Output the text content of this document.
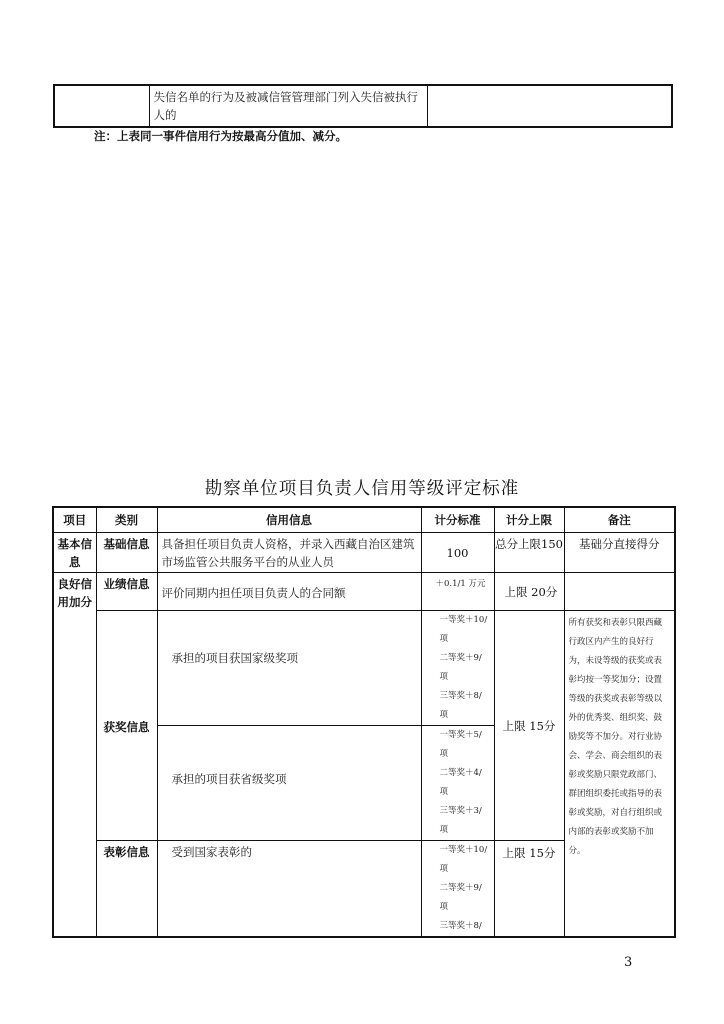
失信名单的行为及被减信管管理部门列入失信被执行人的

注：上表同一事件信用行为按最高分值加、减分。
勘察单位项目负责人信用等级评定标准
项目	类别	信用信息	计分标准	计分上限	备注
基本信息	基础信息	具备担任项目负责人资格，并录入西藏自治区建筑市场监管公共服务平台的从业人员	100	总分上限150	基础分直接得分
良好信用加分	业绩信息	评价同期内担任项目负责人的合同额	＋0.1/1 万元	上限 20分	
	获奖信息	承担的项目获国家级奖项	一等奖＋10/项
二等奖＋9/项
三等奖＋8/项	上限 15分	所有获奖和表彰只限西藏行政区内产生的良好行为，未设等级的获奖或表彰均按一等奖加分；设置等级的获奖或表彰等级以外的优秀奖、组织奖、鼓励奖等不加分。对行业协会、学会、商会组织的表彰或奖励只限党政部门、群团组织委托或指导的表彰或奖励，对自行组织或内部的表彰或奖励不加分。

		承担的项目获省级奖项	一等奖＋5/项
二等奖＋4/项
三等奖＋3/项		

	表彰信息	受到国家表彰的	一等奖＋10/项
二等奖＋9/项
三等奖＋8/	上限 15分	
3
